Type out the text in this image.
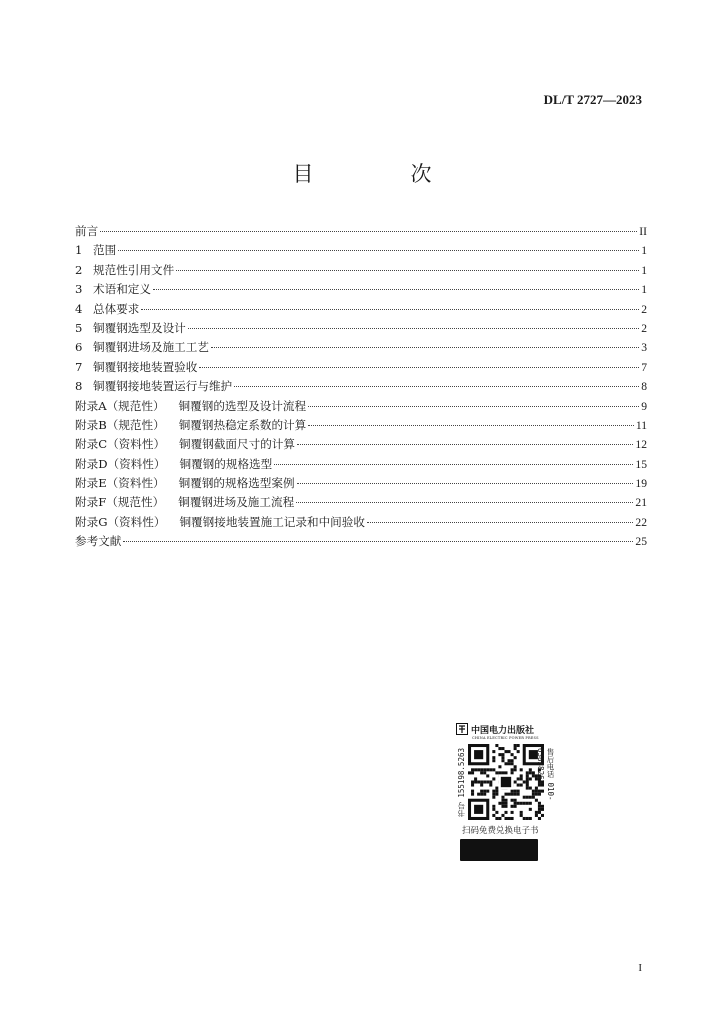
DL/T 2727—2023
目　次
前言	II
1 范围	1
2 规范性引用文件	1
3 术语和定义	1
4 总体要求	2
5 铜覆钢选型及设计	2
6 铜覆钢进场及施工工艺	3
7 铜覆钢接地装置验收	7
8 铜覆钢接地装置运行与维护	8
附录A （规范性） 铜覆钢的选型及设计流程	9
附录B （规范性） 铜覆钢热稳定系数的计算	11
附录C （资料性） 铜覆钢截面尺寸的计算	12
附录D （资料性） 铜覆钢的规格选型	15
附录E （资料性） 铜覆钢的规格选型案例	19
附录F （规范性） 铜覆钢进场及施工流程	21
附录G （资料性） 铜覆钢接地装置施工记录和中间验收	22
参考文献	25
中国电力出版社
CHINA ELECTRIC POWER PRESS
书号 155198.5263	售后电话 010-63838263
扫码免费兑换电子书
I
